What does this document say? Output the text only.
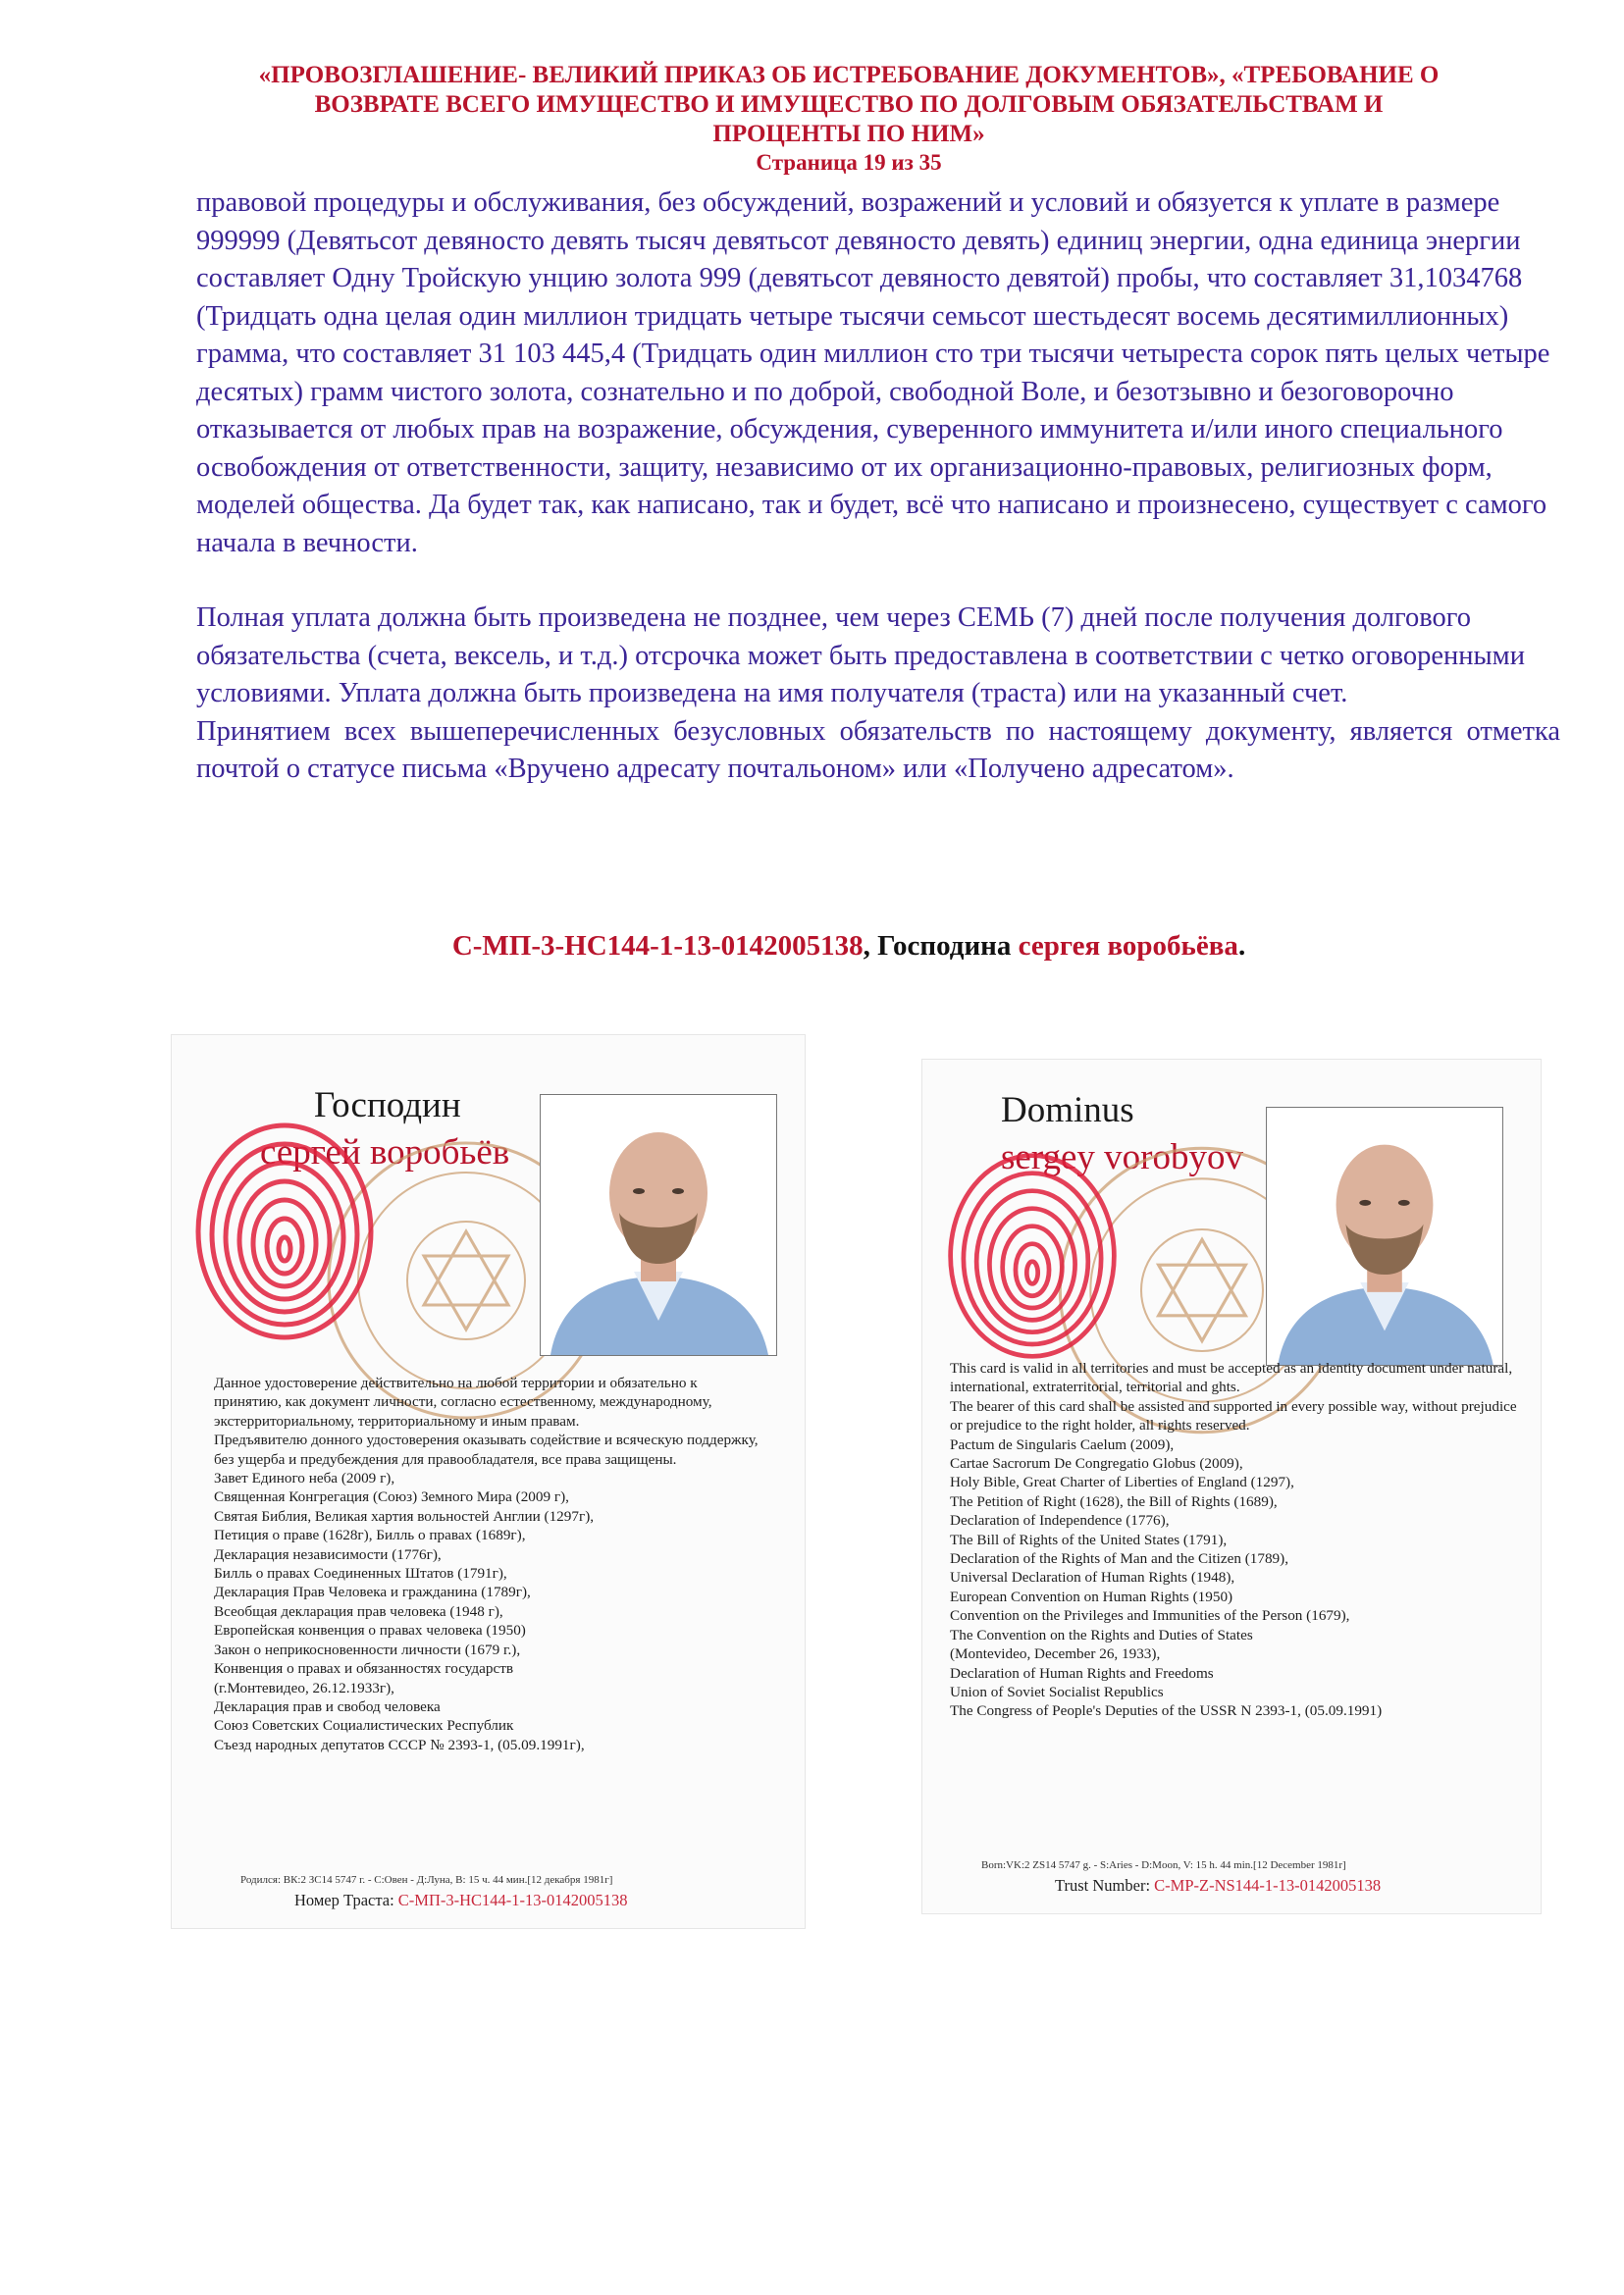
«ПРОВОЗГЛАШЕНИЕ- ВЕЛИКИЙ ПРИКАЗ ОБ ИСТРЕБОВАНИЕ ДОКУМЕНТОВ», «ТРЕБОВАНИЕ О
ВОЗВРАТЕ ВСЕГО ИМУЩЕСТВО И ИМУЩЕСТВО ПО ДОЛГОВЫМ ОБЯЗАТЕЛЬСТВАМ И
ПРОЦЕНТЫ ПО НИМ»
Страница 19 из 35

правовой процедуры и обслуживания, без обсуждений, возражений и условий и обязуется к уплате в размере 999999 (Девятьсот девяносто девять тысяч девятьсот девяносто девять) единиц энергии, одна единица энергии составляет Одну Тройскую унцию золота 999 (девятьсот девяносто девятой) пробы, что составляет 31,1034768 (Тридцать одна целая один миллион тридцать четыре тысячи семьсот шестьдесят восемь десятимиллионных) грамма, что составляет 31 103 445,4 (Тридцать один миллион сто три тысячи четыреста сорок пять целых четыре десятых) грамм чистого золота, сознательно и по доброй, свободной Воле, и безотзывно и безоговорочно отказывается от любых прав на возражение, обсуждения, суверенного иммунитета и/или иного специального освобождения от ответственности, защиту, независимо от их организационно-правовых, религиозных форм, моделей общества. Да будет так, как написано, так и будет, всё что написано и произнесено, существует с самого начала в вечности.

Полная уплата должна быть произведена не позднее, чем через СЕМЬ (7) дней после получения долгового обязательства (счета, вексель, и т.д.) отсрочка может быть предоставлена в соответствии с четко оговоренными условиями. Уплата должна быть произведена на имя получателя (траста) или на указанный счет.

Принятием всех вышеперечисленных безусловных обязательств по настоящему документу, является отметка почтой о статусе письма «Вручено адресату почтальоном» или «Получено адресатом».

С-МП-3-НС144-1-13-0142005138, Господина сергея воробьёва.
Господин
сергей воробьёв

Данное удостоверение действительно на любой территории и обязательно к принятию, как документ личности, согласно естественному, международному, экстерриториальному, территориальному и иным правам.

Предъявителю донного удостоверения оказывать содействие и всяческую поддержку, без ущерба и предубеждения для правообладателя, все права защищены.

Завет Единого неба (2009 г),
Священная Конгрегация (Союз) Земного Мира (2009 г),
Святая Библия, Великая хартия вольностей Англии (1297г),
Петиция о праве (1628г), Билль о правах (1689г),
Декларация независимости (1776г),
Билль о правах Соединенных Штатов (1791г),
Декларация Прав Человека и гражданина (1789г),
Всеобщая декларация прав человека (1948 г),
Европейская конвенция о правах человека (1950)
Закон о неприкосновенности личности (1679 г.),
Конвенция о правах и обязанностях государств
(г.Монтевидео, 26.12.1933г),
Декларация прав и свобод человека
Союз Советских Социалистических Республик
Съезд народных депутатов СССР № 2393-1, (05.09.1991г),
Родился: ВК:2 ЗС14 5747 г. - С:Овен - Д:Луна, В: 15 ч. 44 мин.[12 декабря 1981г]
Номер Траста: С-МП-3-НС144-1-13-0142005138
Dominus
sergey vorobyov

This card is valid in all territories and must be accepted as an identity document under natural, international, extraterritorial, territorial and ghts.

The bearer of this card shall be assisted and supported in every possible way, without prejudice or prejudice to the right holder, all rights reserved.

Pactum de Singularis Caelum (2009),
Cartae Sacrorum De Congregatio Globus (2009),
Holy Bible, Great Charter of Liberties of England (1297),
The Petition of Right (1628), the Bill of Rights (1689),
Declaration of Independence (1776),
The Bill of Rights of the United States (1791),
Declaration of the Rights of Man and the Citizen (1789),
Universal Declaration of Human Rights (1948),
European Convention on Human Rights (1950)
Convention on the Privileges and Immunities of the Person (1679),
The Convention on the Rights and Duties of States
(Montevideo, December 26, 1933),
Declaration of Human Rights and Freedoms
Union of Soviet Socialist Republics
The Congress of People's Deputies of the USSR N 2393-1, (05.09.1991)
Born:VK:2 ZS14 5747 g. - S:Aries - D:Moon, V: 15 h. 44 min.[12 December 1981r]
Trust Number: C-MP-Z-NS144-1-13-0142005138
